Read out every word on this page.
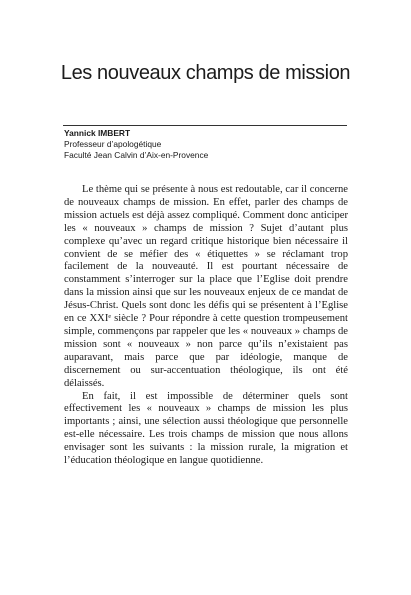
Les nouveaux champs de mission
Yannick IMBERT
Professeur d’apologétique
Faculté Jean Calvin d’Aix-en-Provence

Le thème qui se présente à nous est redoutable, car il concerne de nouveaux champs de mission. En effet, parler des champs de mission actuels est déjà assez compliqué. Comment donc anticiper les « nouveaux » champs de mission ? Sujet d’autant plus complexe qu’avec un regard critique historique bien nécessaire il convient de se méfier des « étiquettes » se réclamant trop facilement de la nouveauté. Il est pourtant nécessaire de constamment s’interroger sur la place que l’Eglise doit prendre dans la mission ainsi que sur les nouveaux enjeux de ce mandat de Jésus-Christ. Quels sont donc les défis qui se présentent à l’Eglise en ce XXIᵉ siècle ? Pour répondre à cette question trompeusement simple, commençons par rappeler que les « nouveaux » champs de mission sont « nouveaux » non parce qu’ils n’existaient pas auparavant, mais parce que par idéologie, manque de discernement ou sur-accentuation théologique, ils ont été délaissés.

En fait, il est impossible de déterminer quels sont effectivement les « nouveaux » champs de mission les plus importants ; ainsi, une sélection aussi théologique que personnelle est-elle nécessaire. Les trois champs de mission que nous allons envisager sont les suivants : la mission rurale, la migration et l’éducation théologique en langue quotidienne.
